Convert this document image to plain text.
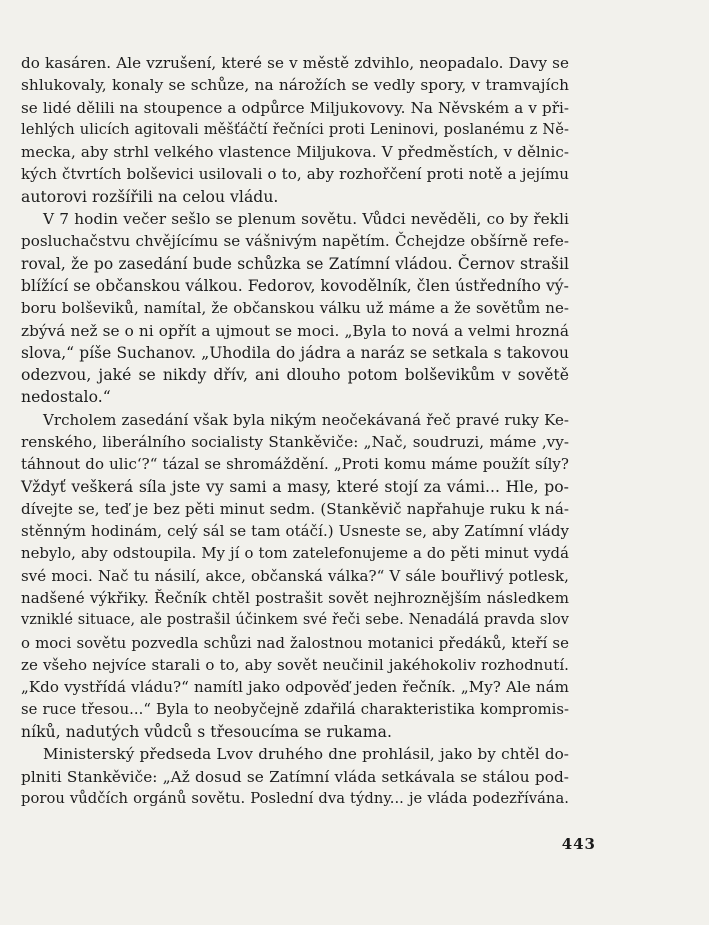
do kasáren. Ale vzrušení, které se v městě zdvihlo, neopadalo. Davy se
shlukovaly, konaly se schůze, na nárožích se vedly spory, v tramvajích
se lidé dělili na stoupence a odpůrce Miljukovovy. Na Něvském a v při-
lehlých ulicích agitovali měšťáčtí řečníci proti Leninovi, poslanému z Ně-
mecka, aby strhl velkého vlastence Miljukova. V předměstích, v dělnic-
kých čtvrtích bolševici usilovali o to, aby rozhořčení proti notě a jejímu
autorovi rozšířili na celou vládu.
V 7 hodin večer sešlo se plenum sovětu. Vůdci nevěděli, co by řekli
posluchačstvu chvějícímu se vášnivým napětím. Čchejdze obšírně refe-
roval, že po zasedání bude schůzka se Zatímní vládou. Černov strašil
blížící se občanskou válkou. Fedorov, kovodělník, člen ústředního vý-
boru bolševiků, namítal, že občanskou válku už máme a že sovětům ne-
zbývá než se o ni opřít a ujmout se moci. „Byla to nová a velmi hrozná
slova,“ píše Suchanov. „Uhodila do jádra a naráz se setkala s takovou
odezvou, jaké se nikdy dřív, ani dlouho potom bolševikům v sovětě
nedostalo.“
Vrcholem zasedání však byla nikým neočekávaná řeč pravé ruky Ke-
renského, liberálního socialisty Stankěviče: „Nač, soudruzi, máme ‚vy-
táhnout do ulic‘?“ tázal se shromáždění. „Proti komu máme použít síly?
Vždyť veškerá síla jste vy sami a masy, které stojí za vámi... Hle, po-
dívejte se, teď je bez pěti minut sedm. (Stankěvič napřahuje ruku k ná-
stěnným hodinám, celý sál se tam otáčí.) Usneste se, aby Zatímní vlády
nebylo, aby odstoupila. My jí o tom zatelefonujeme a do pěti minut vydá
své moci. Nač tu násilí, akce, občanská válka?“ V sále bouřlivý potlesk,
nadšené výkřiky. Řečník chtěl postrašit sovět nejhroznějším následkem
vzniklé situace, ale postrašil účinkem své řeči sebe. Nenadálá pravda slov
o moci sovětu pozvedla schůzi nad žalostnou motanici předáků, kteří se
ze všeho nejvíce starali o to, aby sovět neučinil jakéhokoliv rozhodnutí.
„Kdo vystřídá vládu?“ namítl jako odpověď jeden řečník. „My? Ale nám
se ruce třesou...“ Byla to neobyčejně zdařilá charakteristika kompromis-
níků, nadutých vůdců s třesoucíma se rukama.
Ministerský předseda Lvov druhého dne prohlásil, jako by chtěl do-
plniti Stankěviče: „Až dosud se Zatímní vláda setkávala se stálou pod-
porou vůdčích orgánů sovětu. Poslední dva týdny... je vláda podezřívána.
443
